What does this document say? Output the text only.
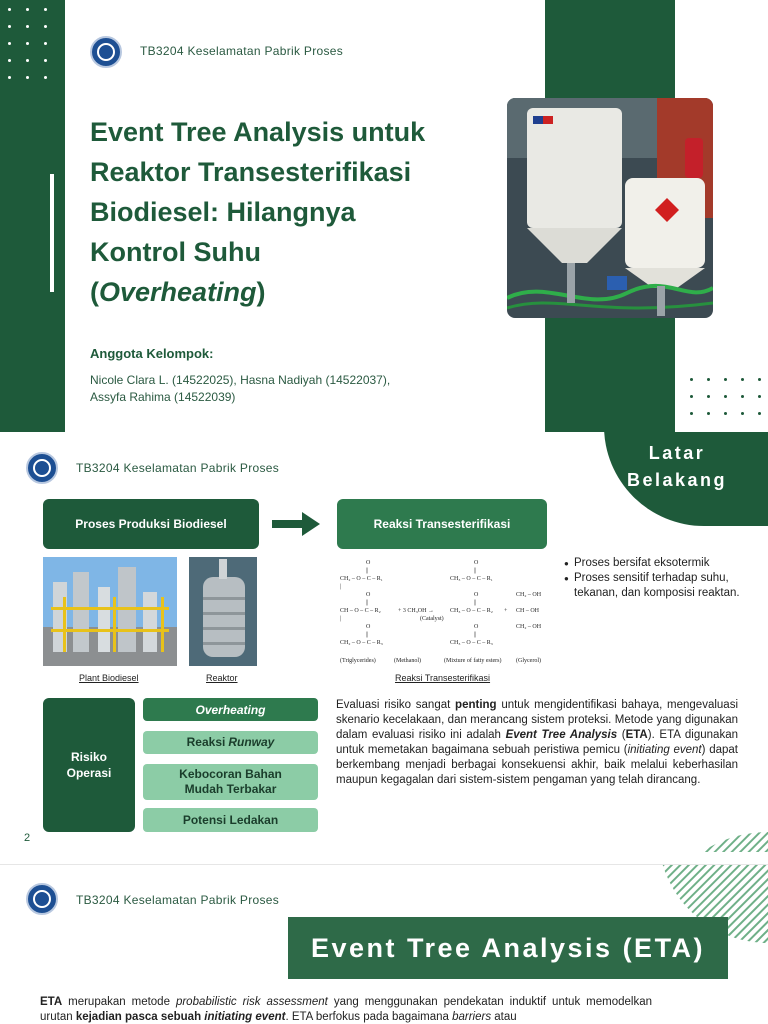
TB3204 Keselamatan Pabrik Proses
Event Tree Analysis untuk
Reaktor Transesterifikasi
Biodiesel: Hilangnya
Kontrol Suhu
(Overheating)
Anggota Kelompok:
Nicole Clara L. (14522025), Hasna Nadiyah (14522037),
Assyfa Rahima (14522039)
TB3204 Keselamatan Pabrik Proses
Latar
Belakang
Proses Produksi Biodiesel	Reaksi Transesterifikasi
Plant Biodiesel	Reaktor
O
||
CH₂ – O – C – R₁
|
O
||
CH – O – C – R₂
|
O
||
CH₂ – O – C – R₃
+ 3 CH₃OH →
(Catalyst)
O
||
CH₃ – O – C – R₁
O
||
CH₃ – O – C – R₂
O
||
CH₃ – O – C – R₃
+
CH₂ – OH
CH – OH
CH₂ – OH
(Triglycerides)	(Methanol)	(Mixture of fatty esters) (Glycerol)
Reaksi Transesterifikasi
● Proses bersifat eksotermik
● Proses sensitif terhadap suhu, tekanan, dan komposisi reaktan.
Risiko
Operasi
Overheating
Reaksi Runway
Kebocoran Bahan
Mudah Terbakar
Potensi Ledakan

Evaluasi risiko sangat penting untuk mengidentifikasi bahaya, mengevaluasi skenario kecelakaan, dan merancang sistem proteksi. Metode yang digunakan dalam evaluasi risiko ini adalah Event Tree Analysis (ETA). ETA digunakan untuk memetakan bagaimana sebuah peristiwa pemicu (initiating event) dapat berkembang menjadi berbagai konsekuensi akhir, baik melalui keberhasilan maupun kegagalan dari sistem-sistem pengaman yang telah dirancang.

2
TB3204 Keselamatan Pabrik Proses
Event Tree Analysis (ETA)

ETA merupakan metode probabilistic risk assessment yang menggunakan pendekatan induktif untuk memodelkan urutan kejadian pasca sebuah initiating event. ETA berfokus pada bagaimana barriers atau
